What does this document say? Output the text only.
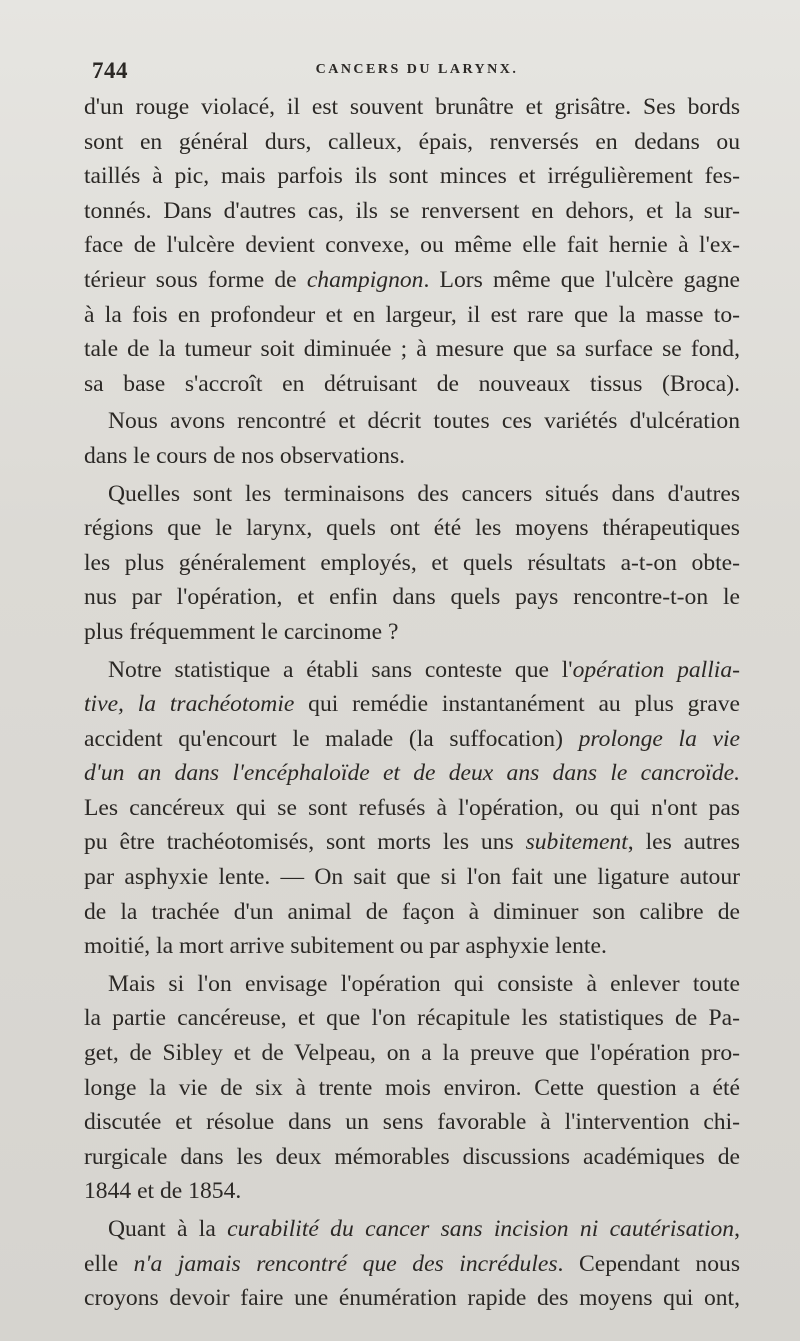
744	CANCERS DU LARYNX.
d'un rouge violacé, il est souvent brunâtre et grisâtre. Ses bords
sont en général durs, calleux, épais, renversés en dedans ou
taillés à pic, mais parfois ils sont minces et irrégulièrement fes-
tonnés. Dans d'autres cas, ils se renversent en dehors, et la sur-
face de l'ulcère devient convexe, ou même elle fait hernie à l'ex-
térieur sous forme de champignon. Lors même que l'ulcère gagne
à la fois en profondeur et en largeur, il est rare que la masse to-
tale de la tumeur soit diminuée ; à mesure que sa surface se fond,
sa base s'accroît en détruisant de nouveaux tissus (Broca).
Nous avons rencontré et décrit toutes ces variétés d'ulcération
dans le cours de nos observations.
Quelles sont les terminaisons des cancers situés dans d'autres
régions que le larynx, quels ont été les moyens thérapeutiques
les plus généralement employés, et quels résultats a-t-on obte-
nus par l'opération, et enfin dans quels pays rencontre-t-on le
plus fréquemment le carcinome ?
Notre statistique a établi sans conteste que l'opération pallia-
tive, la trachéotomie qui remédie instantanément au plus grave
accident qu'encourt le malade (la suffocation) prolonge la vie
d'un an dans l'encéphaloïde et de deux ans dans le cancroïde.
Les cancéreux qui se sont refusés à l'opération, ou qui n'ont pas
pu être trachéotomisés, sont morts les uns subitement, les autres
par asphyxie lente. — On sait que si l'on fait une ligature autour
de la trachée d'un animal de façon à diminuer son calibre de
moitié, la mort arrive subitement ou par asphyxie lente.
Mais si l'on envisage l'opération qui consiste à enlever toute
la partie cancéreuse, et que l'on récapitule les statistiques de Pa-
get, de Sibley et de Velpeau, on a la preuve que l'opération pro-
longe la vie de six à trente mois environ. Cette question a été
discutée et résolue dans un sens favorable à l'intervention chi-
rurgicale dans les deux mémorables discussions académiques de
1844 et de 1854.
Quant à la curabilité du cancer sans incision ni cautérisation,
elle n'a jamais rencontré que des incrédules. Cependant nous
croyons devoir faire une énumération rapide des moyens qui ont,
